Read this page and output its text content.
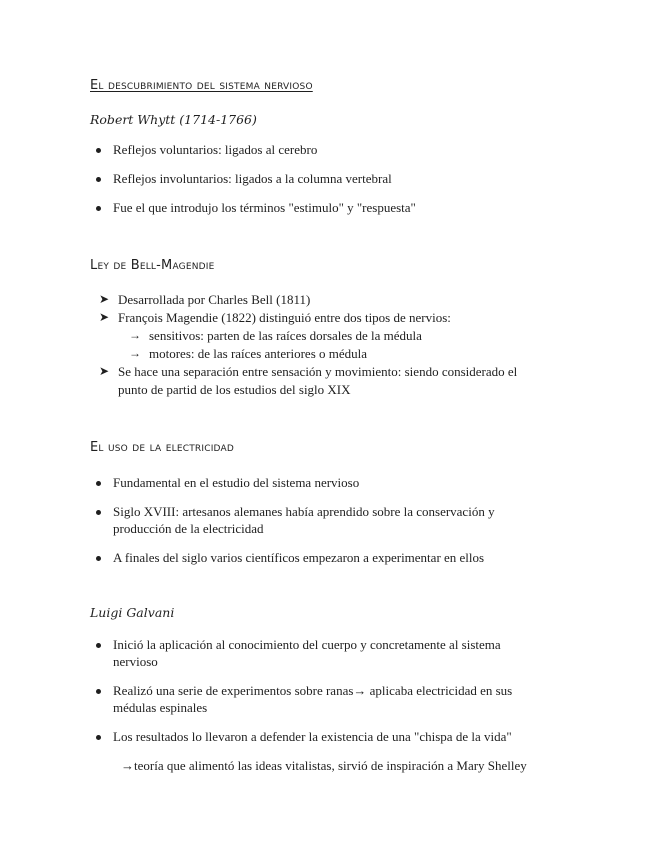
El descubrimiento del sistema nervioso
Robert Whytt (1714-1766)
Reflejos voluntarios: ligados al cerebro
Reflejos involuntarios: ligados a la columna vertebral
Fue el que introdujo los términos "estimulo" y "respuesta"
Ley de Bell-Magendie
➤ Desarrollada por Charles Bell (1811)
➤ François Magendie (1822) distinguió entre dos tipos de nervios:
→ sensitivos: parten de las raíces dorsales de la médula
→ motores: de las raíces anteriores o médula
➤ Se hace una separación entre sensación y movimiento: siendo considerado el
punto de partid de los estudios del siglo XIX
El uso de la electricidad
Fundamental en el estudio del sistema nervioso
Siglo XVIII: artesanos alemanes había aprendido sobre la conservación y
producción de la electricidad
A finales del siglo varios científicos empezaron a experimentar en ellos
Luigi Galvani
Inició la aplicación al conocimiento del cuerpo y concretamente al sistema
nervioso
Realizó una serie de experimentos sobre ranas→ aplicaba electricidad en sus
médulas espinales
Los resultados lo llevaron a defender la existencia de una "chispa de la vida"
→teoría que alimentó las ideas vitalistas, sirvió de inspiración a Mary Shelley
